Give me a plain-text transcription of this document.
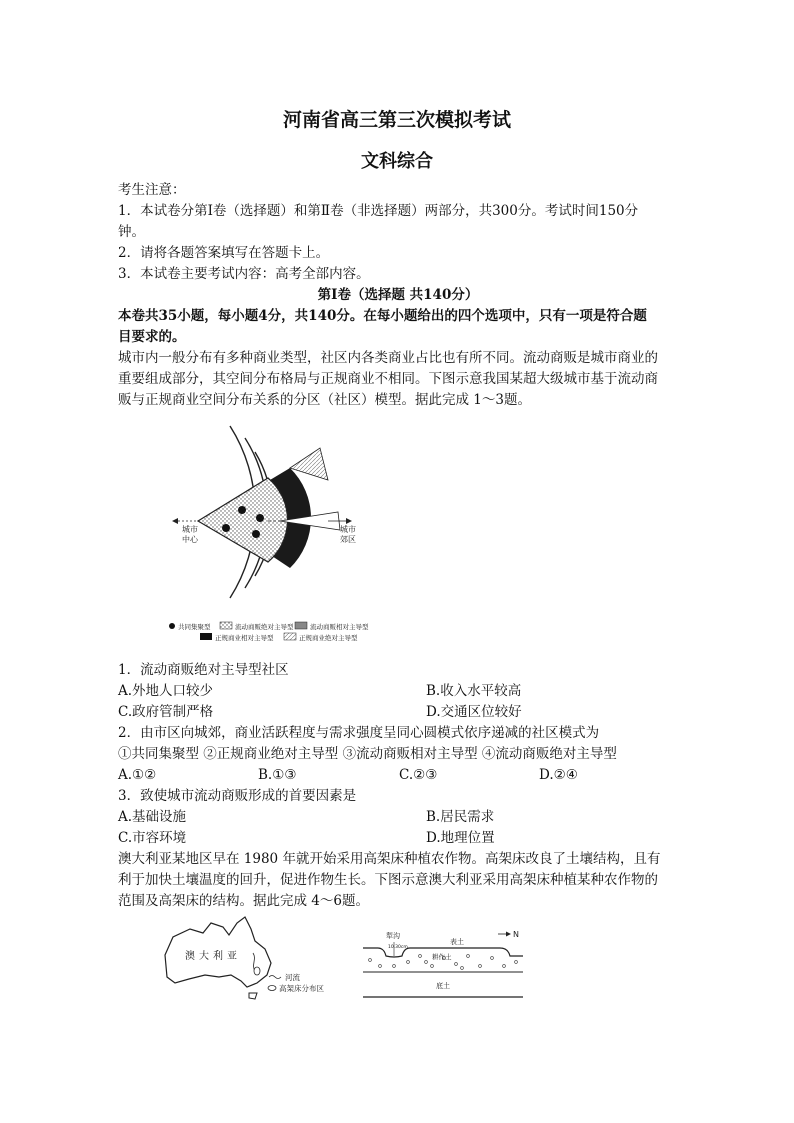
河南省高三第三次模拟考试
文科综合
考生注意：
1．本试卷分第Ⅰ卷（选择题）和第Ⅱ卷（非选择题）两部分，共300分。考试时间150分
钟。
2．请将各题答案填写在答题卡上。
3．本试卷主要考试内容：高考全部内容。
第Ⅰ卷（选择题 共140分）
本卷共35小题，每小题4分，共140分。在每小题给出的四个选项中，只有一项是符合题
目要求的。
城市内一般分布有多种商业类型，社区内各类商业占比也有所不同。流动商贩是城市商业的
重要组成部分，其空间分布格局与正规商业不相同。下图示意我国某超大级城市基于流动商
贩与正规商业空间分布关系的分区（社区）模型。据此完成 1～3题。
城市
中心
城市
郊区
共同集聚型	流动商贩绝对主导型	流动商贩相对主导型
正规商业相对主导型	正规商业绝对主导型
1．流动商贩绝对主导型社区
A.外地人口较少	B.收入水平较高
C.政府管制严格	D.交通区位较好
2．由市区向城郊，商业活跃程度与需求强度呈同心圆模式依序递减的社区模式为
①共同集聚型 ②正规商业绝对主导型 ③流动商贩相对主导型 ④流动商贩绝对主导型
A.①②	B.①③	C.②③	D.②④
3．致使城市流动商贩形成的首要因素是
A.基础设施	B.居民需求
C.市容环境	D.地理位置
澳大利亚某地区早在 1980 年就开始采用高架床种植农作物。高架床改良了土壤结构，且有
利于加快土壤温度的回升，促进作物生长。下图示意澳大利亚采用高架床种植某种农作物的
范围及高架床的结构。据此完成 4～6题。
澳大利亚
河流
高架床分布区
犁沟
10.30cm
表土
耕作土
底土
N
